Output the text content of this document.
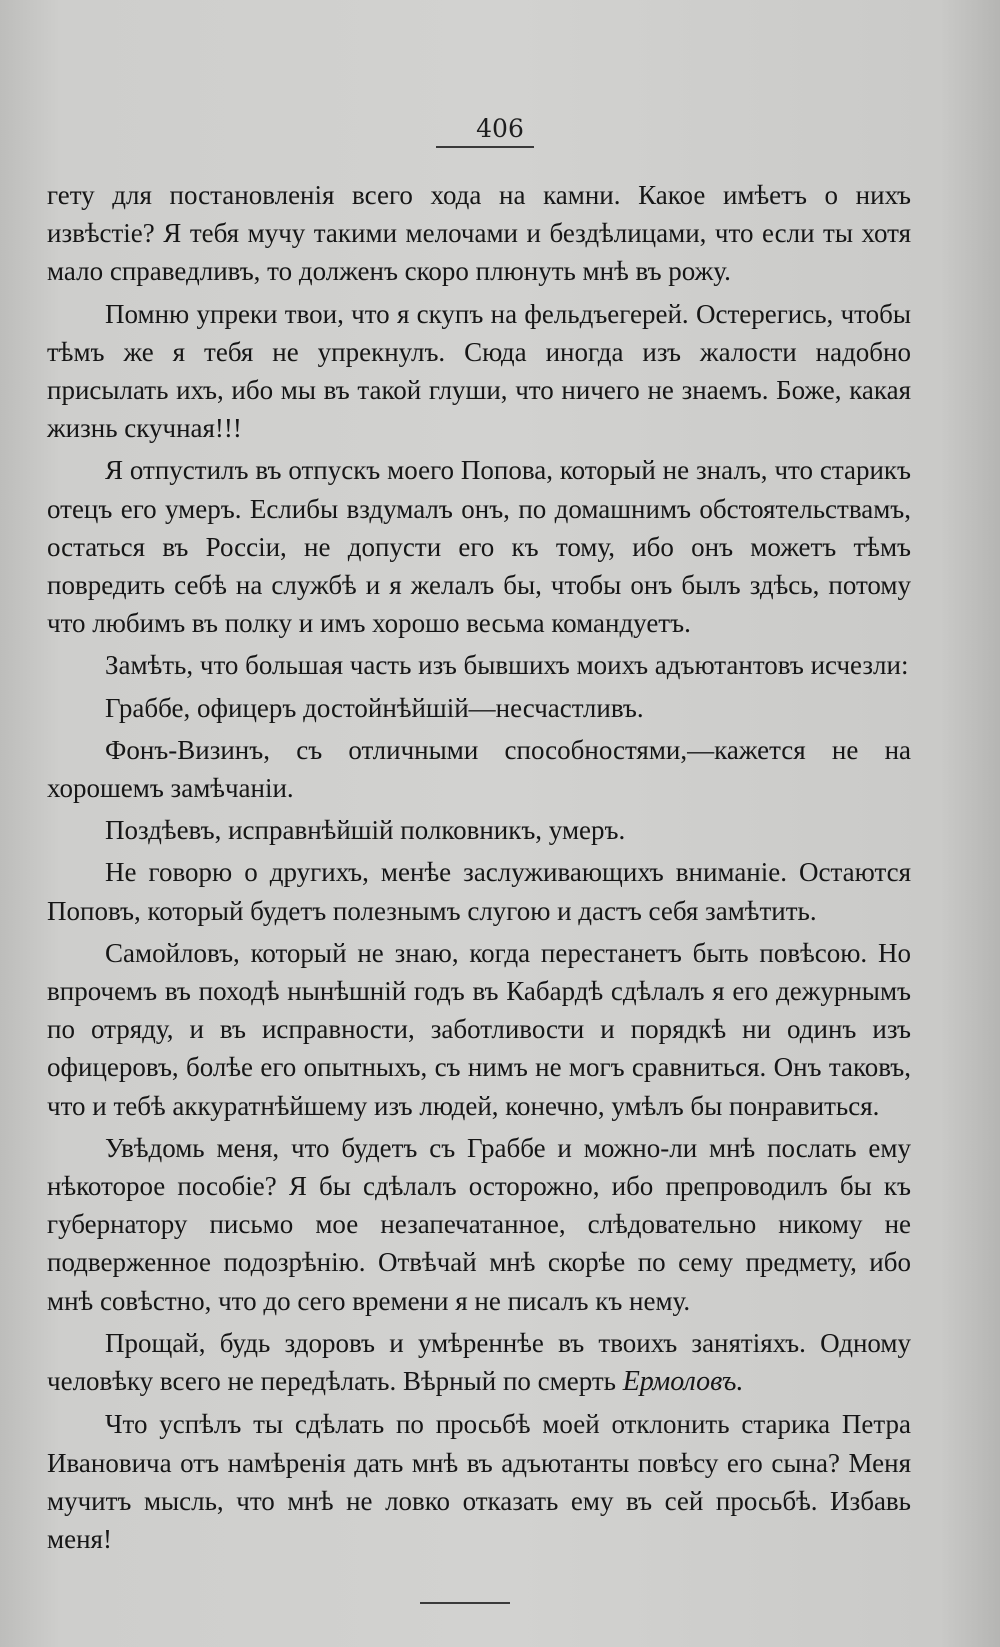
406

гету для постановленія всего хода на камни. Какое имѣетъ о нихъ извѣстіе? Я тебя мучу такими мелочами и бездѣлицами, что если ты хотя мало справедливъ, то долженъ скоро плюнуть мнѣ въ рожу.

Помню упреки твои, что я скупъ на фельдъегерей. Остерегись, чтобы тѣмъ же я тебя не упрекнулъ. Сюда иногда изъ жалости надобно присылать ихъ, ибо мы въ такой глуши, что ничего не знаемъ. Боже, какая жизнь скучная!!!

Я отпустилъ въ отпускъ моего Попова, который не зналъ, что старикъ отецъ его умеръ. Еслибы вздумалъ онъ, по домашнимъ обстоятельствамъ, остаться въ Россіи, не допусти его къ тому, ибо онъ можетъ тѣмъ повредить себѣ на службѣ и я желалъ бы, чтобы онъ былъ здѣсь, потому что любимъ въ полку и имъ хорошо весьма командуетъ.

Замѣть, что большая часть изъ бывшихъ моихъ адъютантовъ исчезли:

Граббе, офицеръ достойнѣйшій—несчастливъ.

Фонъ-Визинъ, съ отличными способностями,—кажется не на хорошемъ замѣчаніи.

Поздѣевъ, исправнѣйшій полковникъ, умеръ.

Не говорю о другихъ, менѣе заслуживающихъ вниманіе. Остаются Поповъ, который будетъ полезнымъ слугою и дастъ себя замѣтить.

Самойловъ, который не знаю, когда перестанетъ быть повѣсою. Но впрочемъ въ походѣ нынѣшній годъ въ Кабардѣ сдѣлалъ я его дежурнымъ по отряду, и въ исправности, заботливости и порядкѣ ни одинъ изъ офицеровъ, болѣе его опытныхъ, съ нимъ не могъ сравниться. Онъ таковъ, что и тебѣ аккуратнѣйшему изъ людей, конечно, умѣлъ бы понравиться.

Увѣдомь меня, что будетъ съ Граббе и можно-ли мнѣ послать ему нѣкоторое пособіе? Я бы сдѣлалъ осторожно, ибо препроводилъ бы къ губернатору письмо мое незапечатанное, слѣдовательно никому не подверженное подозрѣнію. Отвѣчай мнѣ скорѣе по сему предмету, ибо мнѣ совѣстно, что до сего времени я не писалъ къ нему.

Прощай, будь здоровъ и умѣреннѣе въ твоихъ занятіяхъ. Одному человѣку всего не передѣлать. Вѣрный по смерть Ермоловъ.

Что успѣлъ ты сдѣлать по просьбѣ моей отклонить старика Петра Ивановича отъ намѣренія дать мнѣ въ адъютанты повѣсу его сына? Меня мучитъ мысль, что мнѣ не ловко отказать ему въ сей просьбѣ. Избавь меня!
